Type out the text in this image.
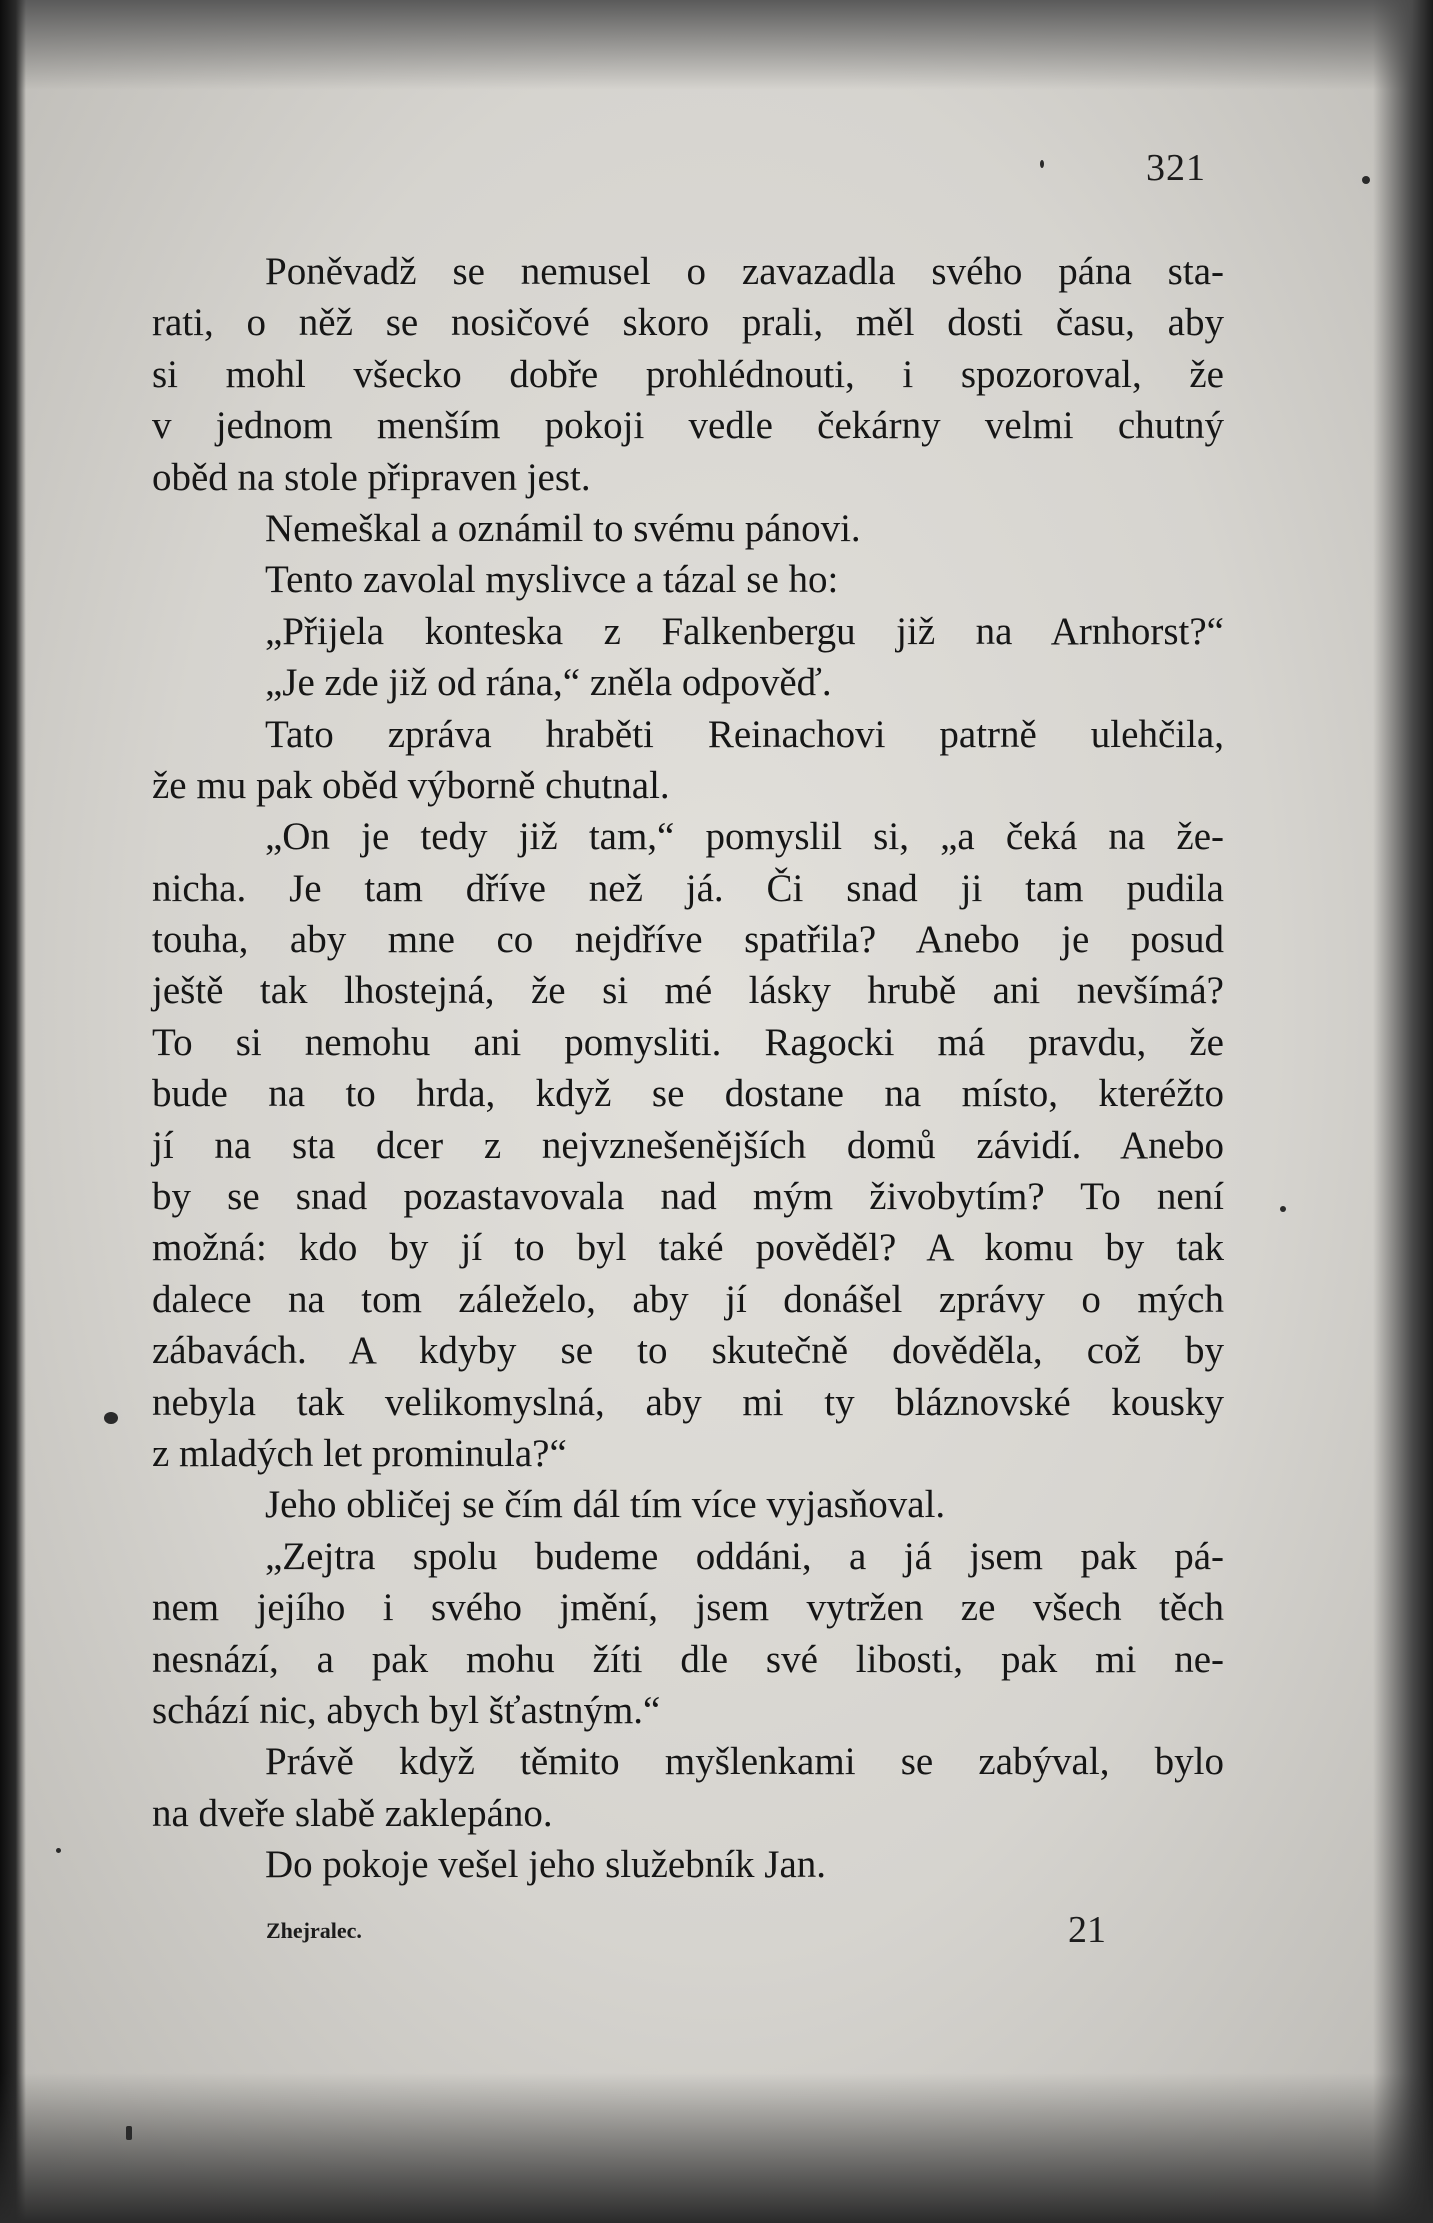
321
Poněvadž se nemusel o zavazadla svého pána sta-
rati, o něž se nosičové skoro prali, měl dosti času, aby
si mohl všecko dobře prohlédnouti, i spozoroval, že
v jednom menším pokoji vedle čekárny velmi chutný
oběd na stole připraven jest.
Nemeškal a oznámil to svému pánovi.
Tento zavolal myslivce a tázal se ho:
„Přijela konteska z Falkenbergu již na Arnhorst?“
„Je zde již od rána,“ zněla odpověď.
Tato zpráva hraběti Reinachovi patrně ulehčila,
že mu pak oběd výborně chutnal.
„On je tedy již tam,“ pomyslil si, „a čeká na že-
nicha. Je tam dříve než já. Či snad ji tam pudila
touha, aby mne co nejdříve spatřila? Anebo je posud
ještě tak lhostejná, že si mé lásky hrubě ani nevšímá?
To si nemohu ani pomysliti. Ragocki má pravdu, že
bude na to hrda, když se dostane na místo, kteréžto
jí na sta dcer z nejvznešenějších domů závidí. Anebo
by se snad pozastavovala nad mým živobytím? To není
možná: kdo by jí to byl také pověděl? A komu by tak
dalece na tom záleželo, aby jí donášel zprávy o mých
zábavách. A kdyby se to skutečně dověděla, což by
nebyla tak velikomyslná, aby mi ty bláznovské kousky
z mladých let prominula?“
Jeho obličej se čím dál tím více vyjasňoval.
„Zejtra spolu budeme oddáni, a já jsem pak pá-
nem jejího i svého jmění, jsem vytržen ze všech těch
nesnází, a pak mohu žíti dle své libosti, pak mi ne-
schází nic, abych byl šťastným.“
Právě když těmito myšlenkami se zabýval, bylo
na dveře slabě zaklepáno.
Do pokoje vešel jeho služebník Jan.
Zhejralec.	21
